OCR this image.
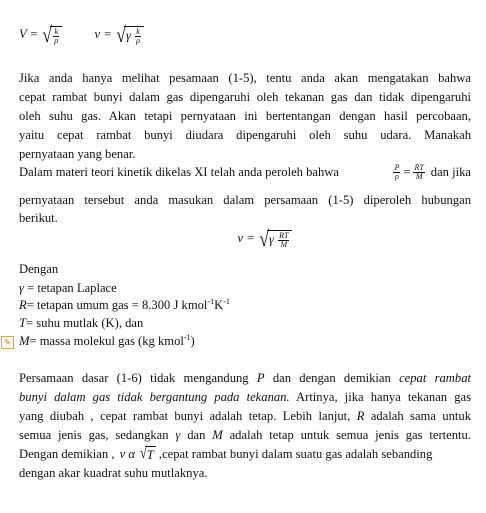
V = √ $\frac{k}{\rho}$	$v = √\gamma \frac{k}{\rho}$
Jika anda hanya melihat pesamaan (1-5), tentu anda akan mengatakan bahwa
cepat rambat bunyi dalam gas dipengaruhi oleh tekanan gas dan tidak dipengaruhi
oleh suhu gas. Akan tetapi pernyataan ini bertentangan dengan hasil percobaan,
yaitu cepat rambat bunyi diudara dipengaruhi oleh suhu udara. Manakah
pernyataan yang benar.
Dalam materi teori kinetik dikelas XI telah anda peroleh bahwa	$\frac{P}{\rho} = \frac{RT}{M}$ dan jika
pernyataan tersebut anda masukan dalam persamaan (1-5) diperoleh hubungan
berikut.
$v = √\gamma \frac{RT}{M}$
Dengan
γ = tetapan Laplace
R= tetapan umum gas = 8.300 J $kmol^{-1}K^{-1}$
T= suhu mutlak (K), dan
✎ M= massa molekul gas (kg kmol$^{-1}$)
Persamaan dasar (1-6) tidak mengandung P dan dengan demikian cepat rambat
bunyi dalam gas tidak bergantung pada tekanan. Artinya, jika hanya tekanan gas
yang diubah , cepat rambat bunyi adalah tetap. Lebih lanjut, R adalah sama untuk
semua jenis gas, sedangkan γ dan M adalah tetap untuk semua jenis gas tertentu.
Dengan demikian , v α √T ,cepat rambat bunyi dalam suatu gas adalah sebanding
dengan akar kuadrat suhu mutlaknya.
